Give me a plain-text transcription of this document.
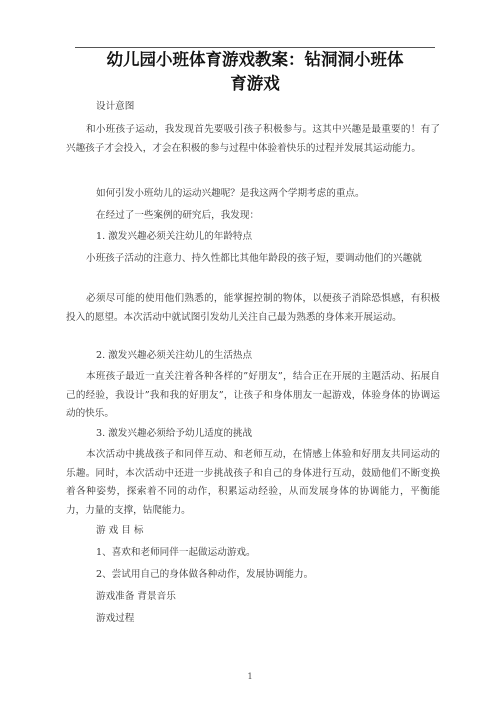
幼儿园小班体育游戏教案：钻洞洞小班体
育游戏

设计意图

和小班孩子运动，我发现首先要吸引孩子积极参与。这其中兴趣是最重要的！有了兴趣孩子才会投入，才会在积极的参与过程中体验着快乐的过程并发展其运动能力。

如何引发小班幼儿的运动兴趣呢？是我这两个学期考虑的重点。

在经过了一些案例的研究后，我发现：

1. 激发兴趣必须关注幼儿的年龄特点

小班孩子活动的注意力、持久性都比其他年龄段的孩子短，要调动他们的兴趣就

必须尽可能的使用他们熟悉的，能掌握控制的物体，以便孩子消除恐惧感，有积极投入的愿望。本次活动中就试图引发幼儿关注自己最为熟悉的身体来开展运动。

2. 激发兴趣必须关注幼儿的生活热点

本班孩子最近一直关注着各种各样的”好朋友”，结合正在开展的主题活动、拓展自己的经验，我设计”我和我的好朋友”，让孩子和身体朋友一起游戏，体验身体的协调运动的快乐。

3. 激发兴趣必须给予幼儿适度的挑战

本次活动中挑战孩子和同伴互动、和老师互动，在情感上体验和好朋友共同运动的乐趣。同时，本次活动中还进一步挑战孩子和自己的身体进行互动，鼓励他们不断变换着各种姿势，探索着不同的动作，积累运动经验，从而发展身体的协调能力，平衡能力，力量的支撑，钻爬能力。

游 戏 目 标

1、喜欢和老师同伴一起做运动游戏。

2、尝试用自己的身体做各种动作，发展协调能力。

游戏准备 背景音乐

游戏过程

1
